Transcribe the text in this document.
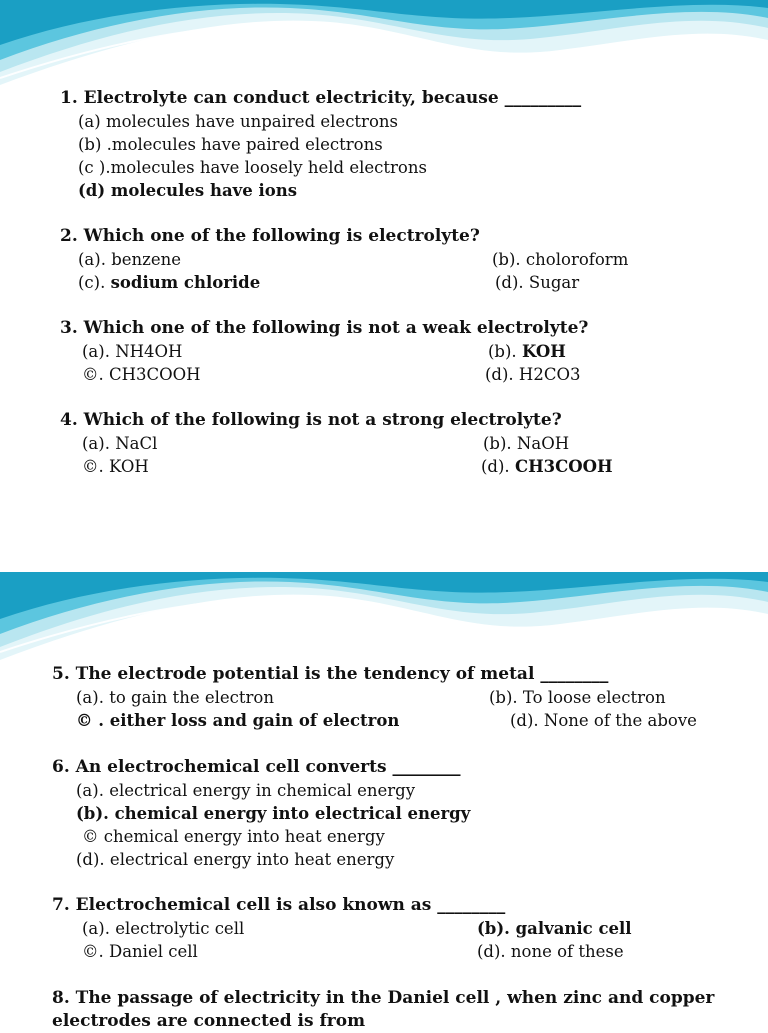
1. Electrolyte can conduct electricity, because _________
(a) molecules have unpaired electrons
(b) .molecules have paired electrons
(c ).molecules have loosely held electrons
(d) molecules have ions
2. Which one of the following is electrolyte?
(a). benzene	(b). choloroform
(c). sodium chloride	(d). Sugar
3. Which one of the following is not a weak electrolyte?
(a). NH4OH	(b). KOH
©. CH3COOH	(d). H2CO3
4. Which of the following is not a strong electrolyte?
(a). NaCl	(b). NaOH
©. KOH	(d). CH3COOH
5. The electrode potential is the tendency of metal ________
(a). to gain the electron	(b). To loose electron
© . either loss and gain of electron	(d). None of the above
6. An electrochemical cell converts ________
(a). electrical energy in chemical energy
(b). chemical energy into electrical energy
© chemical energy into heat energy
(d). electrical energy into heat energy
7. Electrochemical cell is also known as ________
(a). electrolytic cell	(b). galvanic cell
©. Daniel cell	(d). none of these
8. The passage of electricity in the Daniel cell , when zinc and copper
electrodes are connected is from
